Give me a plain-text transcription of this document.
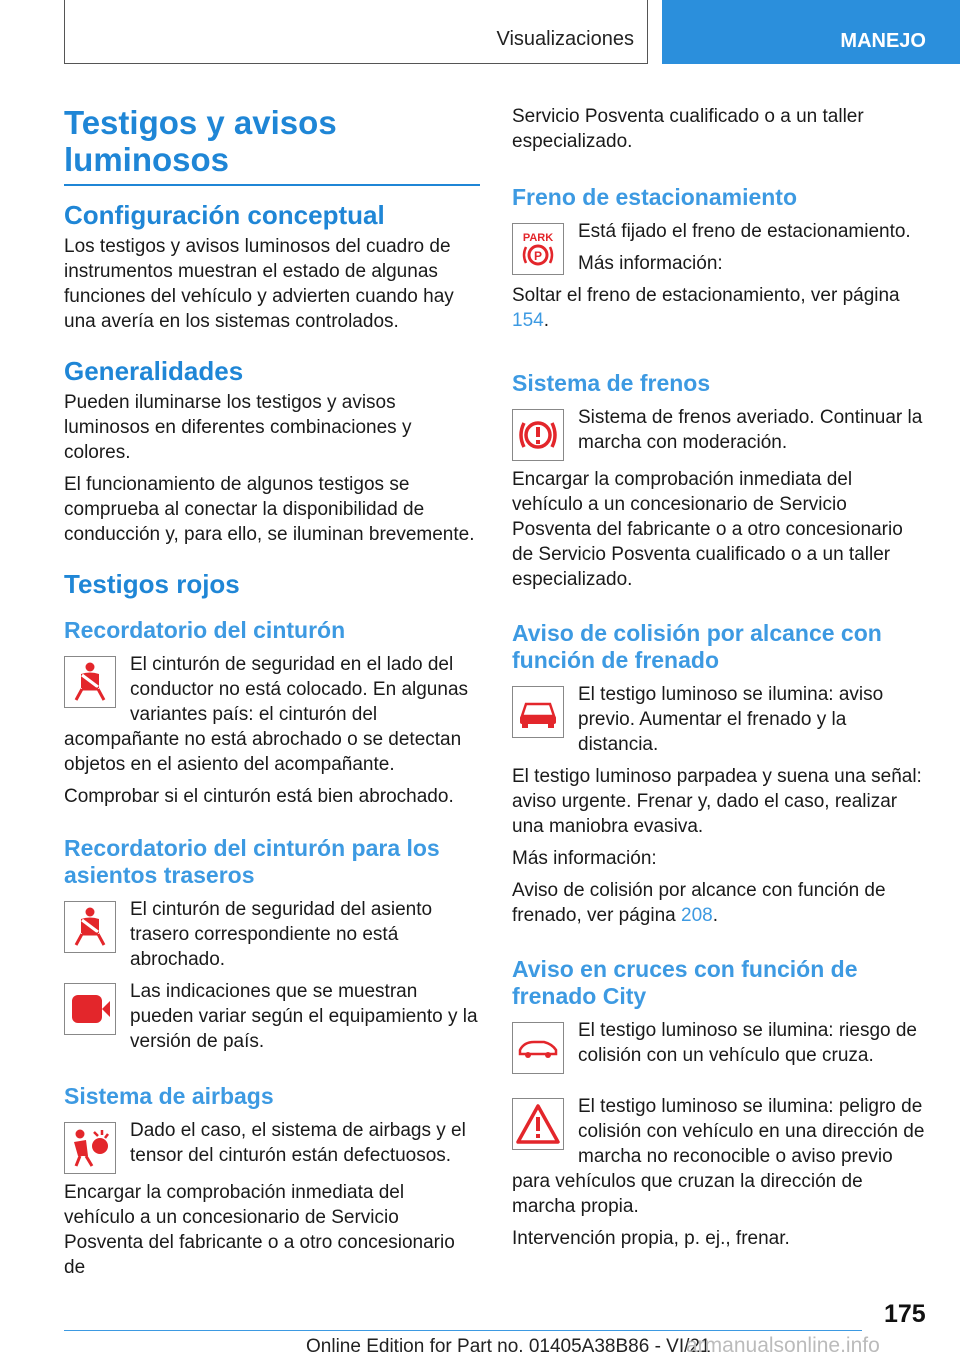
Visualizaciones	MANEJO
Testigos y avisos luminosos
Configuración conceptual

Los testigos y avisos luminosos del cuadro de instrumentos muestran el estado de algunas funciones del vehículo y advierten cuando hay una avería en los sistemas controlados.

Generalidades

Pueden iluminarse los testigos y avisos luminosos en diferentes combinaciones y colores.

El funcionamiento de algunos testigos se comprueba al conectar la disponibilidad de conducción y, para ello, se iluminan brevemente.

Testigos rojos
Recordatorio del cinturón

El cinturón de seguridad en el lado del conductor no está colocado. En algunas variantes país: el cinturón del acompañante no está abrochado o se detectan objetos en el asiento del acompañante.

Comprobar si el cinturón está bien abrochado.

Recordatorio del cinturón para los asientos traseros

El cinturón de seguridad del asiento trasero correspondiente no está abrochado.

Las indicaciones que se muestran pueden variar según el equipamiento y la versión de país.

Sistema de airbags

Dado el caso, el sistema de airbags y el tensor del cinturón están defectuosos.

Encargar la comprobación inmediata del vehículo a un concesionario de Servicio Posventa del fabricante o a otro concesionario de

Servicio Posventa cualificado o a un taller especializado.

Freno de estacionamiento
PARK
P

Está fijado el freno de estacionamiento.

Más información:

Soltar el freno de estacionamiento, ver página 154.

Sistema de frenos

Sistema de frenos averiado. Continuar la marcha con moderación.

Encargar la comprobación inmediata del vehículo a un concesionario de Servicio Posventa del fabricante o a otro concesionario de Servicio Posventa cualificado o a un taller especializado.

Aviso de colisión por alcance con función de frenado

El testigo luminoso se ilumina: aviso previo. Aumentar el frenado y la distancia.

El testigo luminoso parpadea y suena una señal: aviso urgente. Frenar y, dado el caso, realizar una maniobra evasiva.

Más información:

Aviso de colisión por alcance con función de frenado, ver página 208.

Aviso en cruces con función de frenado City

El testigo luminoso se ilumina: riesgo de colisión con un vehículo que cruza.

El testigo luminoso se ilumina: peligro de colisión con vehículo en una dirección de marcha no reconocible o aviso previo para vehículos que cruzan la dirección de marcha propia.

Intervención propia, p. ej., frenar.

175
Online Edition for Part no. 01405A38B86 - VI/21
armanualsonline.info
